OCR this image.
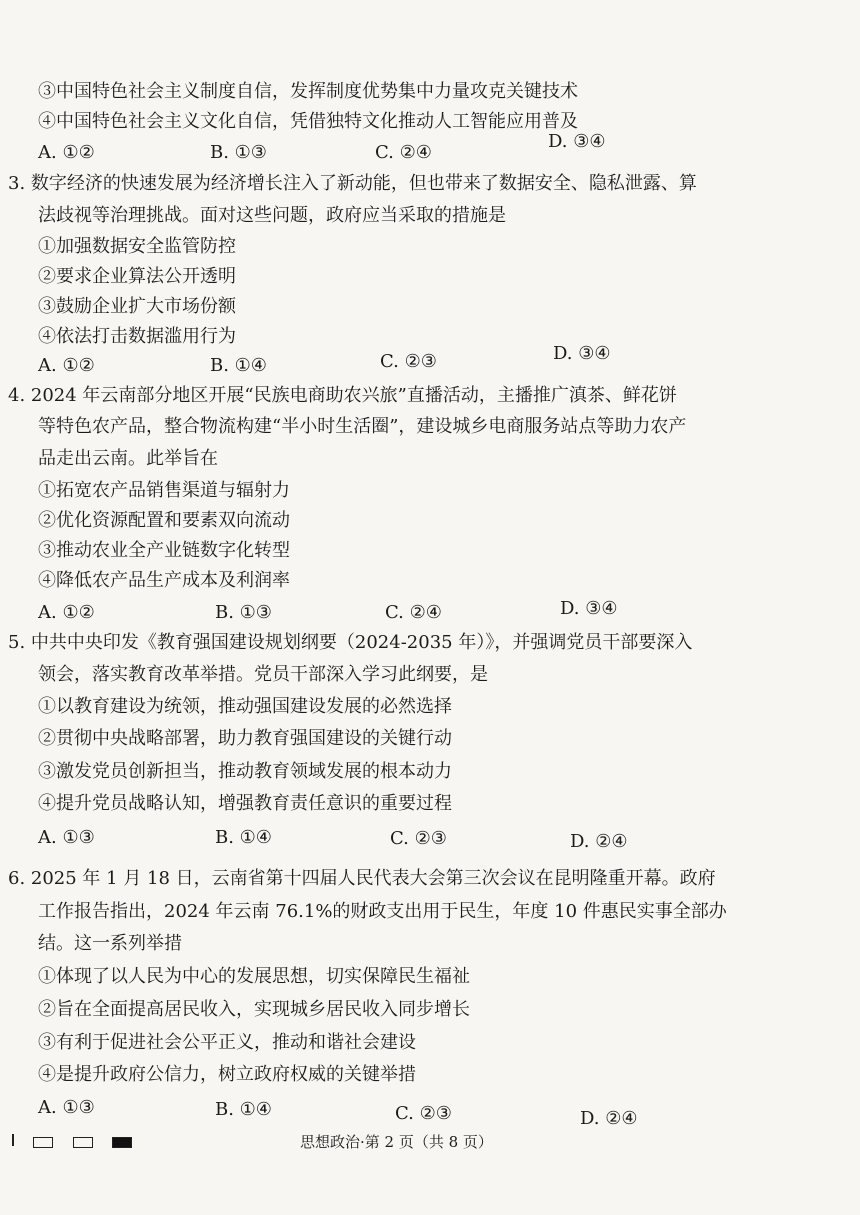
③中国特色社会主义制度自信，发挥制度优势集中力量攻克关键技术
④中国特色社会主义文化自信，凭借独特文化推动人工智能应用普及
A. ①②	B. ①③	C. ②④
D. ③④
3. 数字经济的快速发展为经济增长注入了新动能，但也带来了数据安全、隐私泄露、算
法歧视等治理挑战。面对这些问题，政府应当采取的措施是
①加强数据安全监管防控
②要求企业算法公开透明
③鼓励企业扩大市场份额
④依法打击数据滥用行为
A. ①②	B. ①④	C. ②③	D. ③④
4. 2024 年云南部分地区开展“民族电商助农兴旅”直播活动，主播推广滇茶、鲜花饼
等特色农产品，整合物流构建“半小时生活圈”，建设城乡电商服务站点等助力农产
品走出云南。此举旨在
①拓宽农产品销售渠道与辐射力
②优化资源配置和要素双向流动
③推动农业全产业链数字化转型
④降低农产品生产成本及利润率
A. ①②	B. ①③	C. ②④	D. ③④
5. 中共中央印发《教育强国建设规划纲要（2024-2035 年）》，并强调党员干部要深入
领会，落实教育改革举措。党员干部深入学习此纲要，是
①以教育建设为统领，推动强国建设发展的必然选择
②贯彻中央战略部署，助力教育强国建设的关键行动
③激发党员创新担当，推动教育领域发展的根本动力
④提升党员战略认知，增强教育责任意识的重要过程
A. ①③	B. ①④	C. ②③	D. ②④
6. 2025 年 1 月 18 日，云南省第十四届人民代表大会第三次会议在昆明隆重开幕。政府
工作报告指出，2024 年云南 76.1%的财政支出用于民生，年度 10 件惠民实事全部办
结。这一系列举措
①体现了以人民为中心的发展思想，切实保障民生福祉
②旨在全面提高居民收入，实现城乡居民收入同步增长
③有利于促进社会公平正义，推动和谐社会建设
④是提升政府公信力，树立政府权威的关键举措
A. ①③	B. ①④	C. ②③	D. ②④
思想政治·第 2 页（共 8 页）
